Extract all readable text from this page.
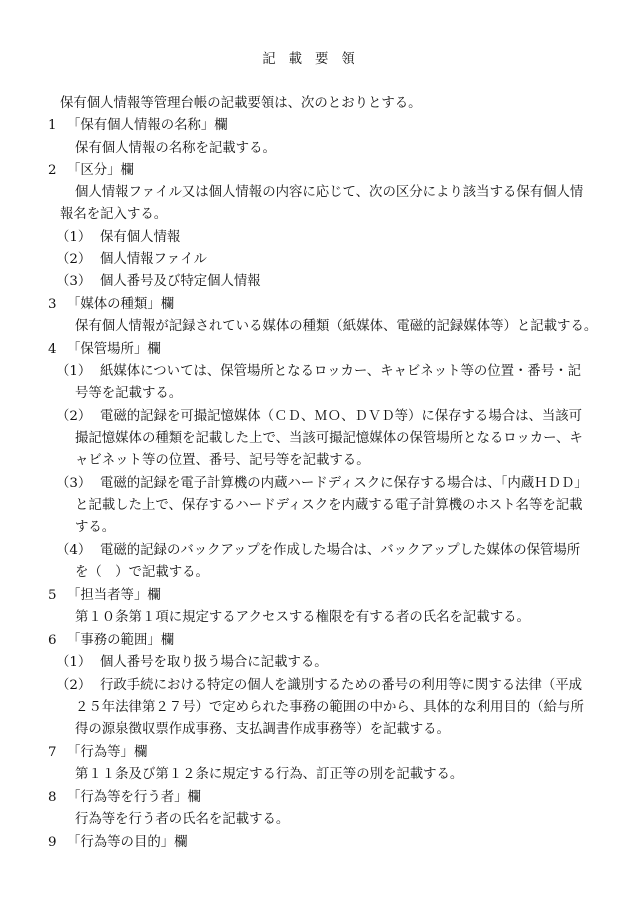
記載要領
保有個人情報等管理台帳の記載要領は、次のとおりとする。
1 「保有個人情報の名称」欄
保有個人情報の名称を記載する。
2 「区分」欄
個人情報ファイル又は個人情報の内容に応じて、次の区分により該当する保有個人情
報名を記入する。
（1） 保有個人情報
（2） 個人情報ファイル
（3） 個人番号及び特定個人情報
3 「媒体の種類」欄
保有個人情報が記録されている媒体の種類（紙媒体、電磁的記録媒体等）と記載する。
4 「保管場所」欄
（1） 紙媒体については、保管場所となるロッカー、キャビネット等の位置・番号・記
号等を記載する。
（2） 電磁的記録を可撮記憶媒体（ＣＤ、ＭＯ、ＤＶＤ等）に保存する場合は、当該可
撮記憶媒体の種類を記載した上で、当該可撮記憶媒体の保管場所となるロッカー、キ
ャビネット等の位置、番号、記号等を記載する。
（3） 電磁的記録を電子計算機の内蔵ハードディスクに保存する場合は、「内蔵ＨＤＤ」
と記載した上で、保存するハードディスクを内蔵する電子計算機のホスト名等を記載
する。
（4） 電磁的記録のバックアップを作成した場合は、バックアップした媒体の保管場所
を（　）で記載する。
5 「担当者等」欄
第１０条第１項に規定するアクセスする権限を有する者の氏名を記載する。
6 「事務の範囲」欄
（1） 個人番号を取り扱う場合に記載する。
（2） 行政手続における特定の個人を識別するための番号の利用等に関する法律（平成
２５年法律第２７号）で定められた事務の範囲の中から、具体的な利用目的（給与所
得の源泉徴収票作成事務、支払調書作成事務等）を記載する。
7 「行為等」欄
第１１条及び第１２条に規定する行為、訂正等の別を記載する。
8 「行為等を行う者」欄
行為等を行う者の氏名を記載する。
9 「行為等の目的」欄
